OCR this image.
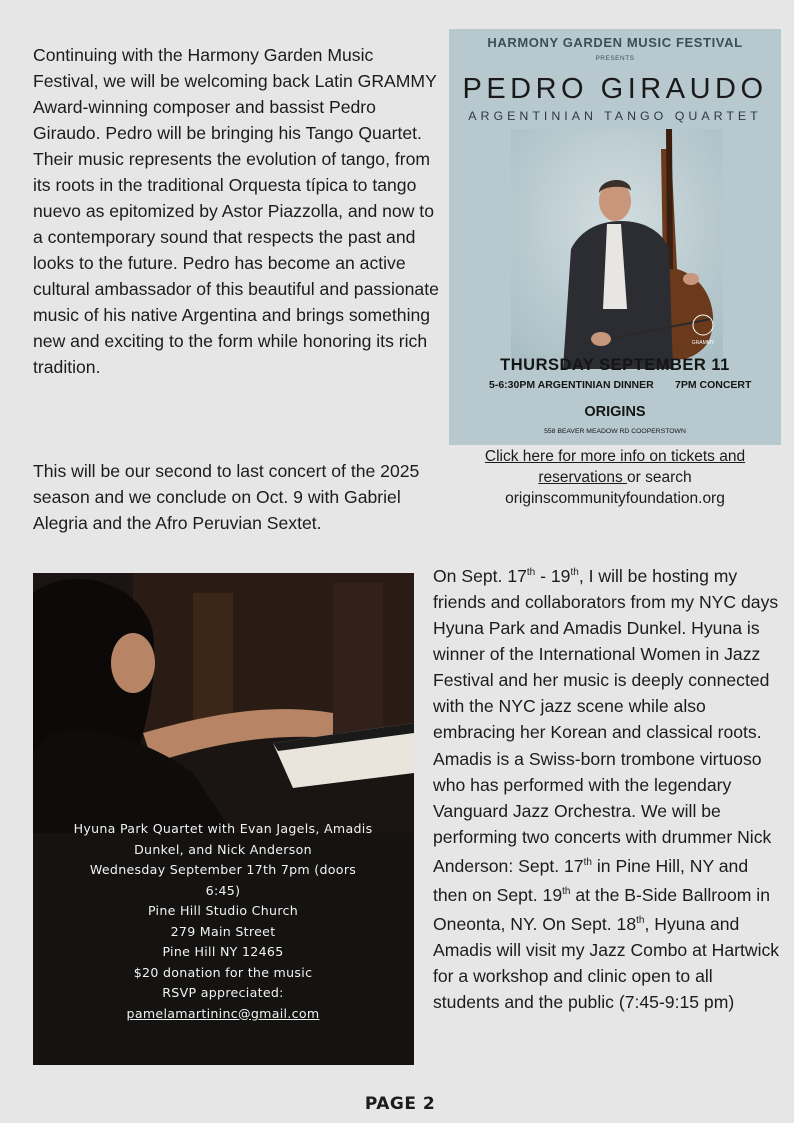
Continuing with the Harmony Garden Music Festival, we will be welcoming back Latin GRAMMY Award-winning composer and bassist Pedro Giraudo. Pedro will be bringing his Tango Quartet. Their music represents the evolution of tango, from its roots in the traditional Orquesta típica to tango nuevo as epitomized by Astor Piazzolla, and now to a contemporary sound that respects the past and looks to the future. Pedro has become an active cultural ambassador of this beautiful and passionate music of his native Argentina and brings something new and exciting to the form while honoring its rich tradition.

This will be our second to last concert of the 2025 season and we conclude on Oct. 9 with Gabriel Alegria and the Afro Peruvian Sextet.

HARMONY GARDEN MUSIC FESTIVAL
PRESENTS
PEDRO GIRAUDO
ARGENTINIAN TANGO QUARTET
GRAMMY
THURSDAY SEPTEMBER 11
5-6:30PM ARGENTINIAN DINNER 7PM CONCERT
ORIGINS
558 BEAVER MEADOW RD COOPERSTOWN
Click here for more info on tickets and reservations or search originscommunityfoundation.org
Hyuna Park Quartet with Evan Jagels, Amadis Dunkel, and Nick Anderson
Wednesday September 17th 7pm (doors 6:45)
Pine Hill Studio Church
279 Main Street
Pine Hill NY 12465
$20 donation for the music
RSVP appreciated:
pamelamartininc@gmail.com

On Sept. 17th - 19th, I will be hosting my friends and collaborators from my NYC days Hyuna Park and Amadis Dunkel. Hyuna is winner of the International Women in Jazz Festival and her music is deeply connected with the NYC jazz scene while also embracing her Korean and classical roots. Amadis is a Swiss-born trombone virtuoso who has performed with the legendary Vanguard Jazz Orchestra. We will be performing two concerts with drummer Nick Anderson: Sept. 17th in Pine Hill, NY and then on Sept. 19th at the B-Side Ballroom in Oneonta, NY. On Sept. 18th, Hyuna and Amadis will visit my Jazz Combo at Hartwick for a workshop and clinic open to all students and the public (7:45-9:15 pm)

PAGE 2
